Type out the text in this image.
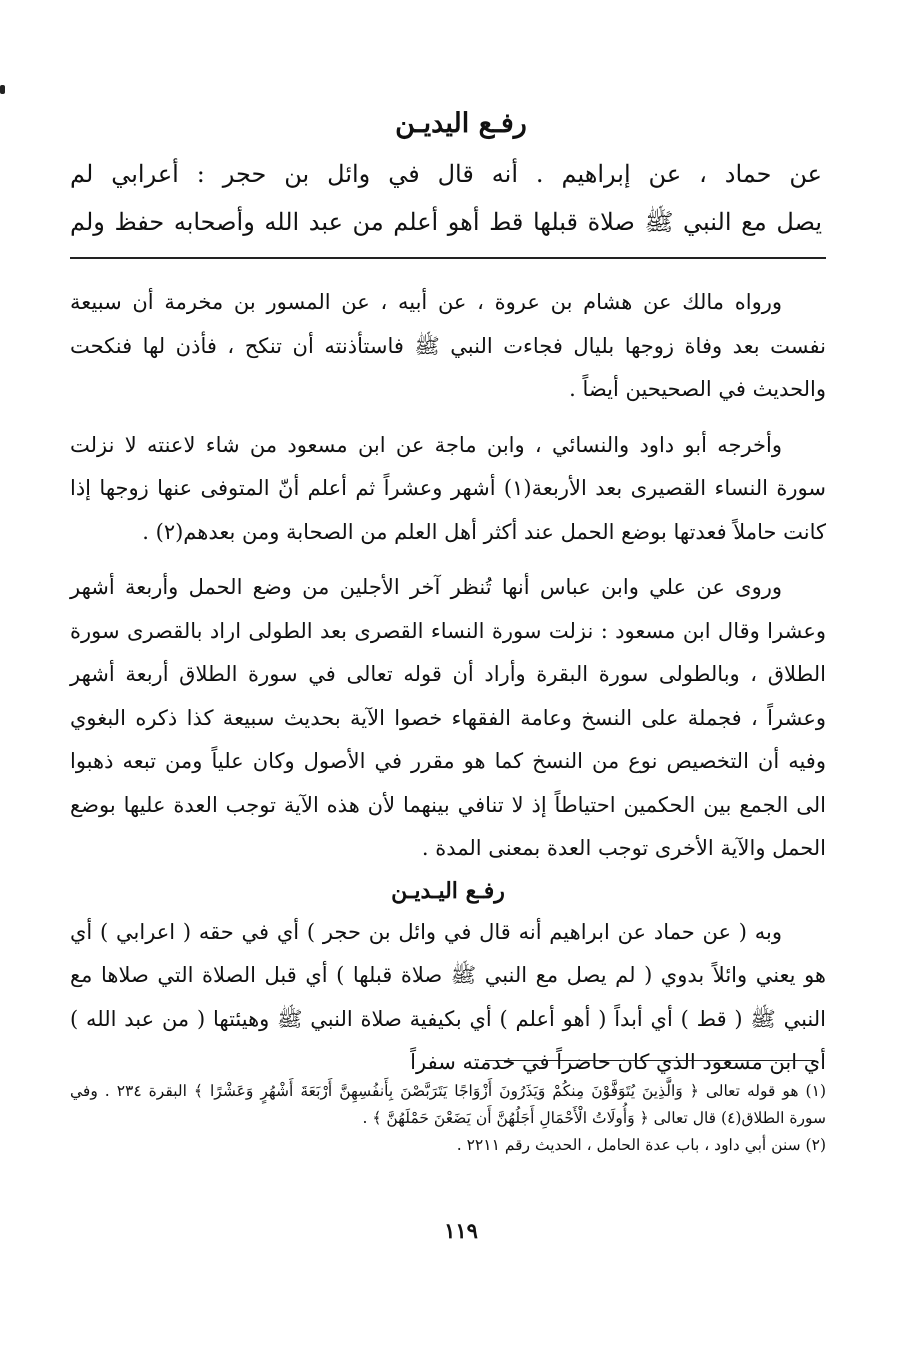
رفـع اليديـن
عن حماد ، عن إبراهيم . أنه قال في وائل بن حجر : أعرابي لم
يصل مع النبي ﷺ صلاة قبلها قط أهو أعلم من عبد الله وأصحابه حفظ ولم

ورواه مالك عن هشام بن عروة ، عن أبيه ، عن المسور بن مخرمة أن سبيعة نفست بعد وفاة زوجها بليال فجاءت النبي ﷺ فاستأذنته أن تنكح ، فأذن لها فنكحت والحديث في الصحيحين أيضاً .

وأخرجه أبو داود والنسائي ، وابن ماجة عن ابن مسعود من شاء لاعنته لا نزلت سورة النساء القصيرى بعد الأربعة(١) أشهر وعشراً ثم أعلم أنّ المتوفى عنها زوجها إذا كانت حاملاً فعدتها بوضع الحمل عند أكثر أهل العلم من الصحابة ومن بعدهم(٢) .

وروى عن علي وابن عباس أنها تُنظر آخر الأجلين من وضع الحمل وأربعة أشهر وعشرا وقال ابن مسعود : نزلت سورة النساء القصرى بعد الطولى اراد بالقصرى سورة الطلاق ، وبالطولى سورة البقرة وأراد أن قوله تعالى في سورة الطلاق أربعة أشهر وعشراً ، فجملة على النسخ وعامة الفقهاء خصوا الآية بحديث سبيعة كذا ذكره البغوي وفيه أن التخصيص نوع من النسخ كما هو مقرر في الأصول وكان علياً ومن تبعه ذهبوا الى الجمع بين الحكمين احتياطاً إذ لا تنافي بينهما لأن هذه الآية توجب العدة عليها بوضع الحمل والآية الأخرى توجب العدة بمعنى المدة .

رفـع اليـديـن

وبه ( عن حماد عن ابراهيم أنه قال في وائل بن حجر ) أي في حقه ( اعرابي ) أي هو يعني وائلاً بدوي ( لم يصل مع النبي ﷺ صلاة قبلها ) أي قبل الصلاة التي صلاها مع النبي ﷺ ( قط ) أي أبداً ( أهو أعلم ) أي بكيفية صلاة النبي ﷺ وهيئتها ( من عبد الله ) أي ابن مسعود الذي كان حاضراً في خدمته سفراً

(١) هو قوله تعالى ﴿ وَالَّذِينَ يُتَوَفَّوْنَ مِنكُمْ وَيَذَرُونَ أَزْوَاجًا يَتَرَبَّصْنَ بِأَنفُسِهِنَّ أَرْبَعَةَ أَشْهُرٍ وَعَشْرًا ﴾ البقرة ٢٣٤ . وفي سورة الطلاق(٤) قال تعالى ﴿ وَأُولَاتُ الْأَحْمَالِ أَجَلُهُنَّ أَن يَضَعْنَ حَمْلَهُنَّ ﴾ .

(٢) سنن أبي داود ، باب عدة الحامل ، الحديث رقم ٢٢١١ .

١١٩
